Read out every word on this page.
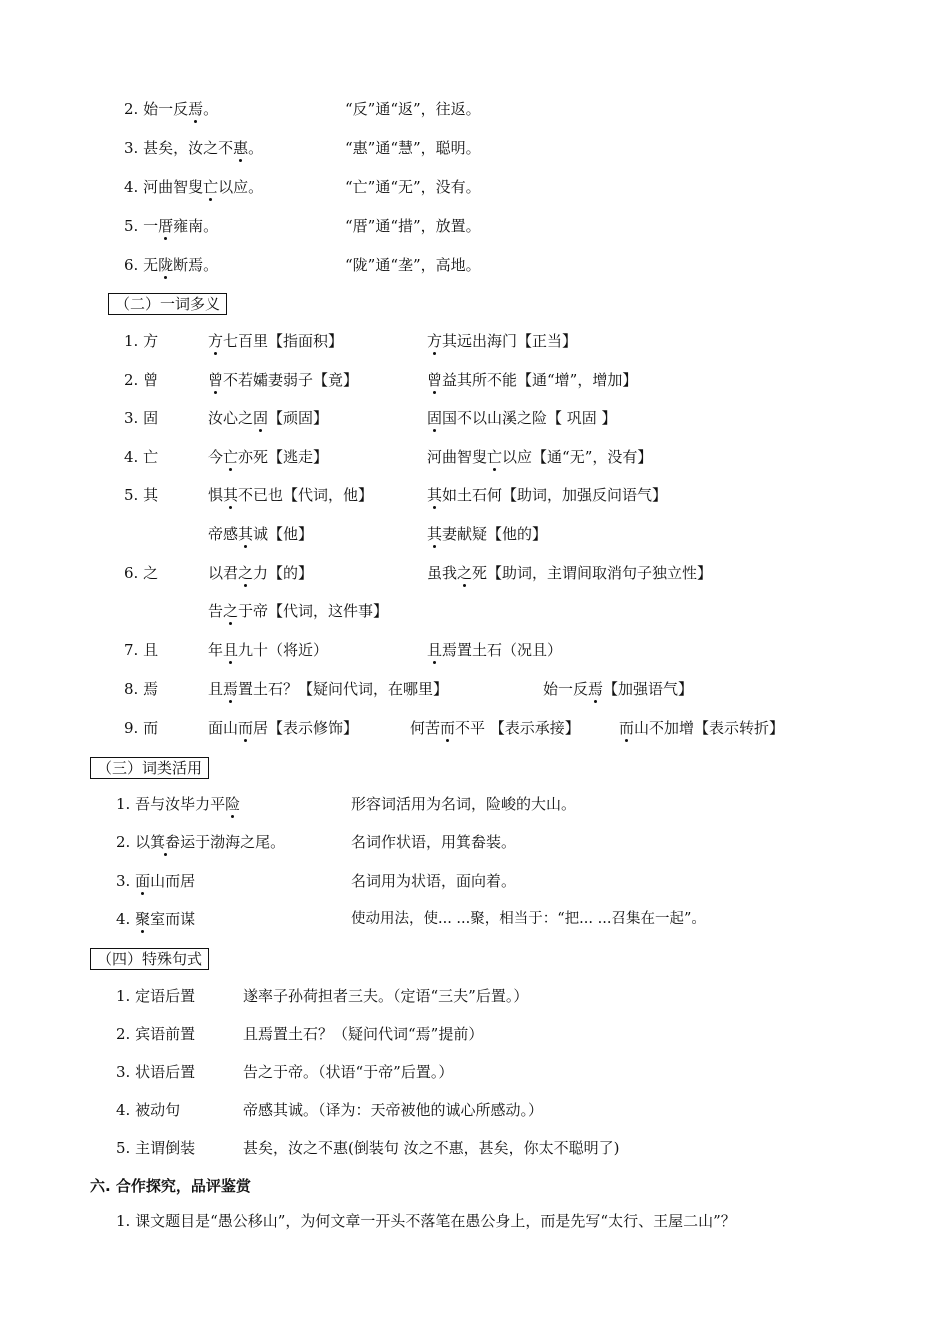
2. 始一反焉。	“反”通“返”，往返。
3. 甚矣，汝之不惠。	“惠”通“慧”，聪明。
4. 河曲智叟亡以应。	“亡”通“无”，没有。
5. 一厝雍南。	“厝”通“措”，放置。
6. 无陇断焉。	“陇”通“垄”，高地。
（二）一词多义
1. 方	方七百里【指面积】	方其远出海门【正当】
2. 曾	曾不若孀妻弱子【竟】	曾益其所不能【通“增”，增加】
3. 固	汝心之固【顽固】	固国不以山溪之险【 巩固 】
4. 亡	今亡亦死【逃走】	河曲智叟亡以应【通“无”，没有】
5. 其	惧其不已也【代词，他】	其如土石何【助词，加强反问语气】
帝感其诚【他】	其妻献疑【他的】
6. 之	以君之力【的】	虽我之死【助词，主谓间取消句子独立性】
告之于帝【代词，这件事】
7. 且	年且九十（将近）	且焉置土石（况且）
8. 焉	且焉置土石？【疑问代词，在哪里】	始一反焉【加强语气】
9. 而	面山而居【表示修饰】	何苦而不平 【表示承接】	而山不加增【表示转折】
（三）词类活用
1. 吾与汝毕力平险	形容词活用为名词，险峻的大山。
2. 以箕畚运于渤海之尾。	名词作状语，用箕畚装。
3. 面山而居	名词用为状语，面向着。
4. 聚室而谋	使动用法，使... ...聚，相当于：“把... ...召集在一起”。
（四）特殊句式
1. 定语后置	遂率子孙荷担者三夫。（定语“三夫”后置。）
2. 宾语前置	且焉置土石？（疑问代词“焉”提前）
3. 状语后置	告之于帝。（状语“于帝”后置。）
4. 被动句	帝感其诚。（译为：天帝被他的诚心所感动。）
5. 主谓倒装	甚矣，汝之不惠(倒装句 汝之不惠，甚矣，你太不聪明了)
六. 合作探究，品评鉴赏
1. 课文题目是“愚公移山”，为何文章一开头不落笔在愚公身上，而是先写“太行、王屋二山”？
